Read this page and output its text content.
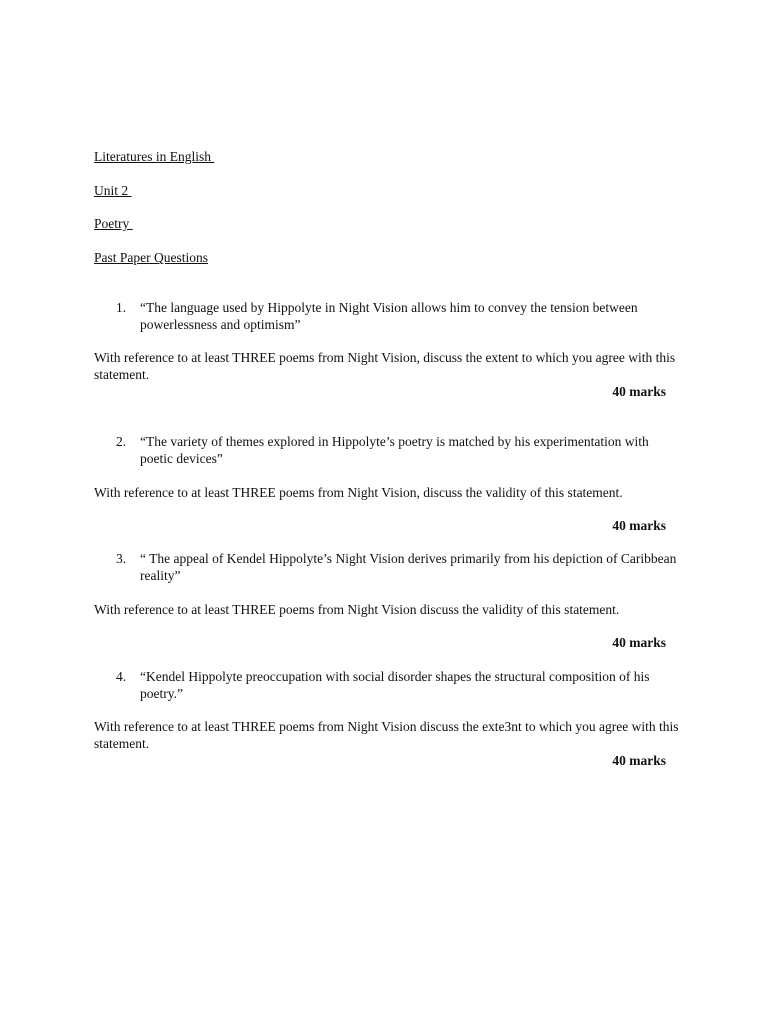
Literatures in English

Unit 2

Poetry

Past Paper Questions

1. “The language used by Hippolyte in Night Vision allows him to convey the tension between powerlessness and optimism”
With reference to at least THREE poems from Night Vision, discuss the extent to which you agree with this statement.
40 marks
2. “The variety of themes explored in Hippolyte’s poetry is matched by his experimentation with poetic devices”
With reference to at least THREE poems from Night Vision, discuss the validity of this statement.
40 marks
3. “ The appeal of Kendel Hippolyte’s Night Vision derives primarily from his depiction of Caribbean reality”
With reference to at least THREE poems from Night Vision discuss the validity of this statement.
40 marks
4. “Kendel Hippolyte preoccupation with social disorder shapes the structural composition of his poetry.”
With reference to at least THREE poems from Night Vision discuss the exte3nt to which you agree with this statement.
40 marks
